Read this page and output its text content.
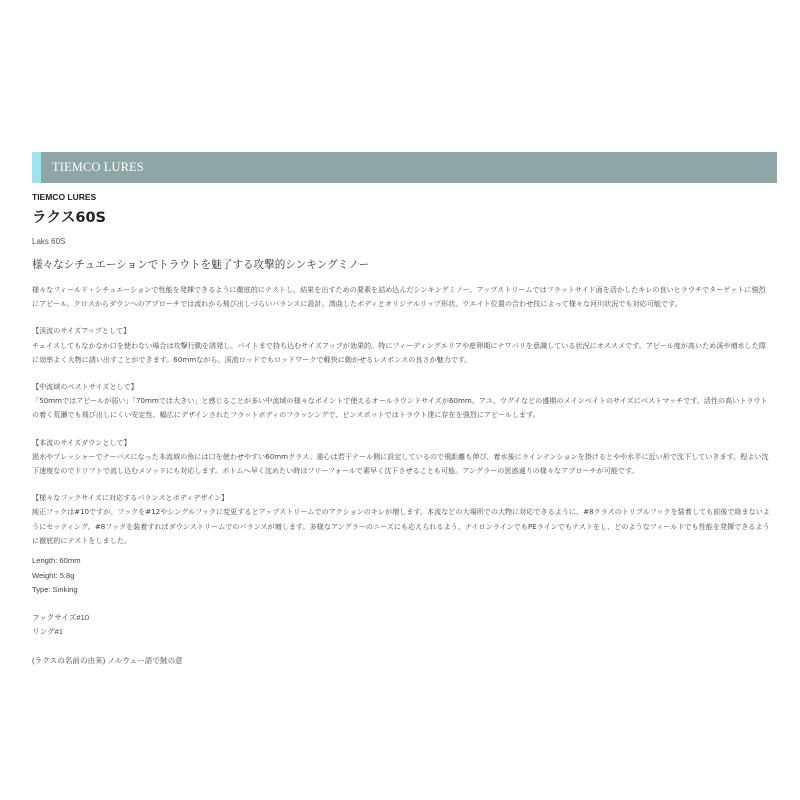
TIEMCO LURES
TIEMCO LURES
ラクス60S
Laks 60S
様々なシチュエーションでトラウトを魅了する攻撃的シンキングミノー

様々なフィールド・シチュエーションで性能を発揮できるように徹底的にテストし、結果を出すための要素を詰め込んだシンキングミノー。アップストリームではフラットサイド面を活かしたキレの良いヒラウチでターゲットに強烈にアピール。クロスからダウンへのアプローチでは流れから飛び出しづらいバランスに設計。湾曲したボディとオリジナルリップ形状、ウエイト位置の合わせ技によって様々な河川状況でも対応可能です。

【渓流のサイズアップとして】

チェイスしてもなかなか口を使わない場合は攻撃行動を誘発し、バイトまで持ち込むサイズアップが効果的。特にフィーディングエリアや産卵期にナワバリを意識している状況にオススメです。アピール度が高いため渓や増水した際に効率よく大物に誘い出すことができます。60mmながら、渓流ロッドでもロッドワークで軽快に動かせるレスポンスの良さが魅力です。

【中流域のベストサイズとして】

「50mmではアピールが弱い」「70mmでは大きい」と感じることが多い中流域の様々なポイントで使えるオールラウンドサイズが60mm。アユ、ウグイなどの盛期のメインベイトのサイズにベストマッチです。活性の高いトラウトの着く荒瀬でも飛び出しにくい安定性。幅広にデザインされたフラットボディのフラッシングで、ピンスポットではトラウト達に存在を強烈にアピールします。

【本流のサイズダウンとして】

渇水やプレッシャーでナーバスになった本流域の魚には口を使わせやすい60mmクラス。重心は若干テール側に設定しているので飛距離も伸び、着水後にラインテンションを掛けるとやや水平に近い形で沈下していきます。程よい沈下速度なのでドリフトで流し込むメソッドにも対応します。ボトムへ早く沈めたい時はフリーフォールで素早く沈下させることも可能。アングラーの思惑通りの様々なアプローチが可能です。

【様々なフックサイズに対応するバランスとボディデザイン】

純正フックは#10ですが、フックを#12やシングルフックに変更するとアップストリームでのアクションのキレが増します。本流などの大場所での大物に対応できるように、#8クラスのトリプルフックを装着しても前後で絡まないようにセッティング。#8フックを装着すればダウンストリームでのバランスが増します。多様なアングラーのニーズにも応えられるよう、ナイロンラインでもPEラインでもテストをし、どのようなフィールドでも性能を発揮できるように徹底的にテストをしました。

Length: 60mm

Weight: 5.8g

Type: Sinking

フックサイズ#10

リング#1

(ラクスの名前の由来) ノルウェー語で鮭の意
